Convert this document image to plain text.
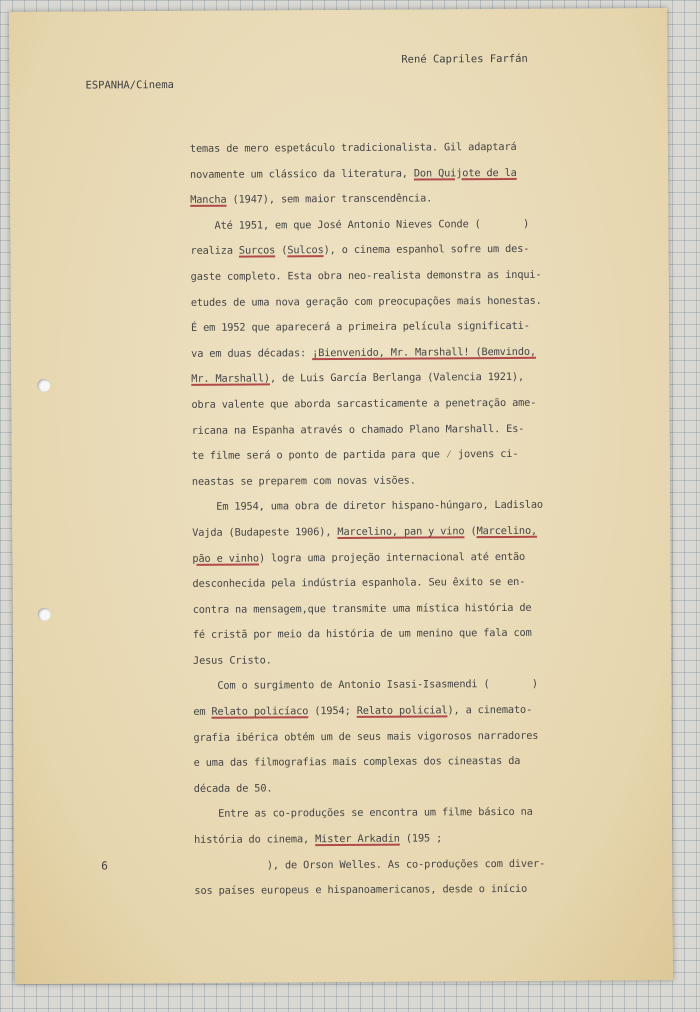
René Capriles Farfán
ESPANHA/Cinema
temas de mero espetáculo tradicionalista. Gil adaptará
novamente um clássico da literatura, Don Quijote de la
Mancha (1947), sem maior transcendência.
Até 1951, em que José Antonio Nieves Conde (       )
realiza Surcos (Sulcos), o cinema espanhol sofre um des-
gaste completo. Esta obra neo-realista demonstra as inqui-
etudes de uma nova geração com preocupações mais honestas.
É em 1952 que aparecerá a primeira película significati-
va em duas décadas: ¡Bienvenido, Mr. Marshall! (Bemvindo,
Mr. Marshall), de Luis García Berlanga (Valencia 1921),
obra valente que aborda sarcasticamente a penetração ame-
ricana na Espanha através o chamado Plano Marshall. Es-
te filme será o ponto de partida para que ⁄ jovens ci-
neastas se preparem com novas visões.
Em 1954, uma obra de diretor hispano-húngaro, Ladislao
Vajda (Budapeste 1906), Marcelino, pan y vino (Marcelino,
pão e vinho) logra uma projeção internacional até então
desconhecida pela indústria espanhola. Seu êxito se en-
contra na mensagem,que transmite uma mística história de
fé cristã por meio da história de um menino que fala com
Jesus Cristo.
Com o surgimento de Antonio Isasi-Isasmendi (       )
em Relato policíaco (1954; Relato policial), a cinemato-
grafia ibérica obtém um de seus mais vigorosos narradores
e uma das filmografias mais complexas dos cineastas da
década de 50.
Entre as co-produções se encontra um filme básico na
história do cinema, Mister Arkadin (195 ;
), de Orson Welles. As co-produções com diver-
sos países europeus e hispanoamericanos, desde o início
6
